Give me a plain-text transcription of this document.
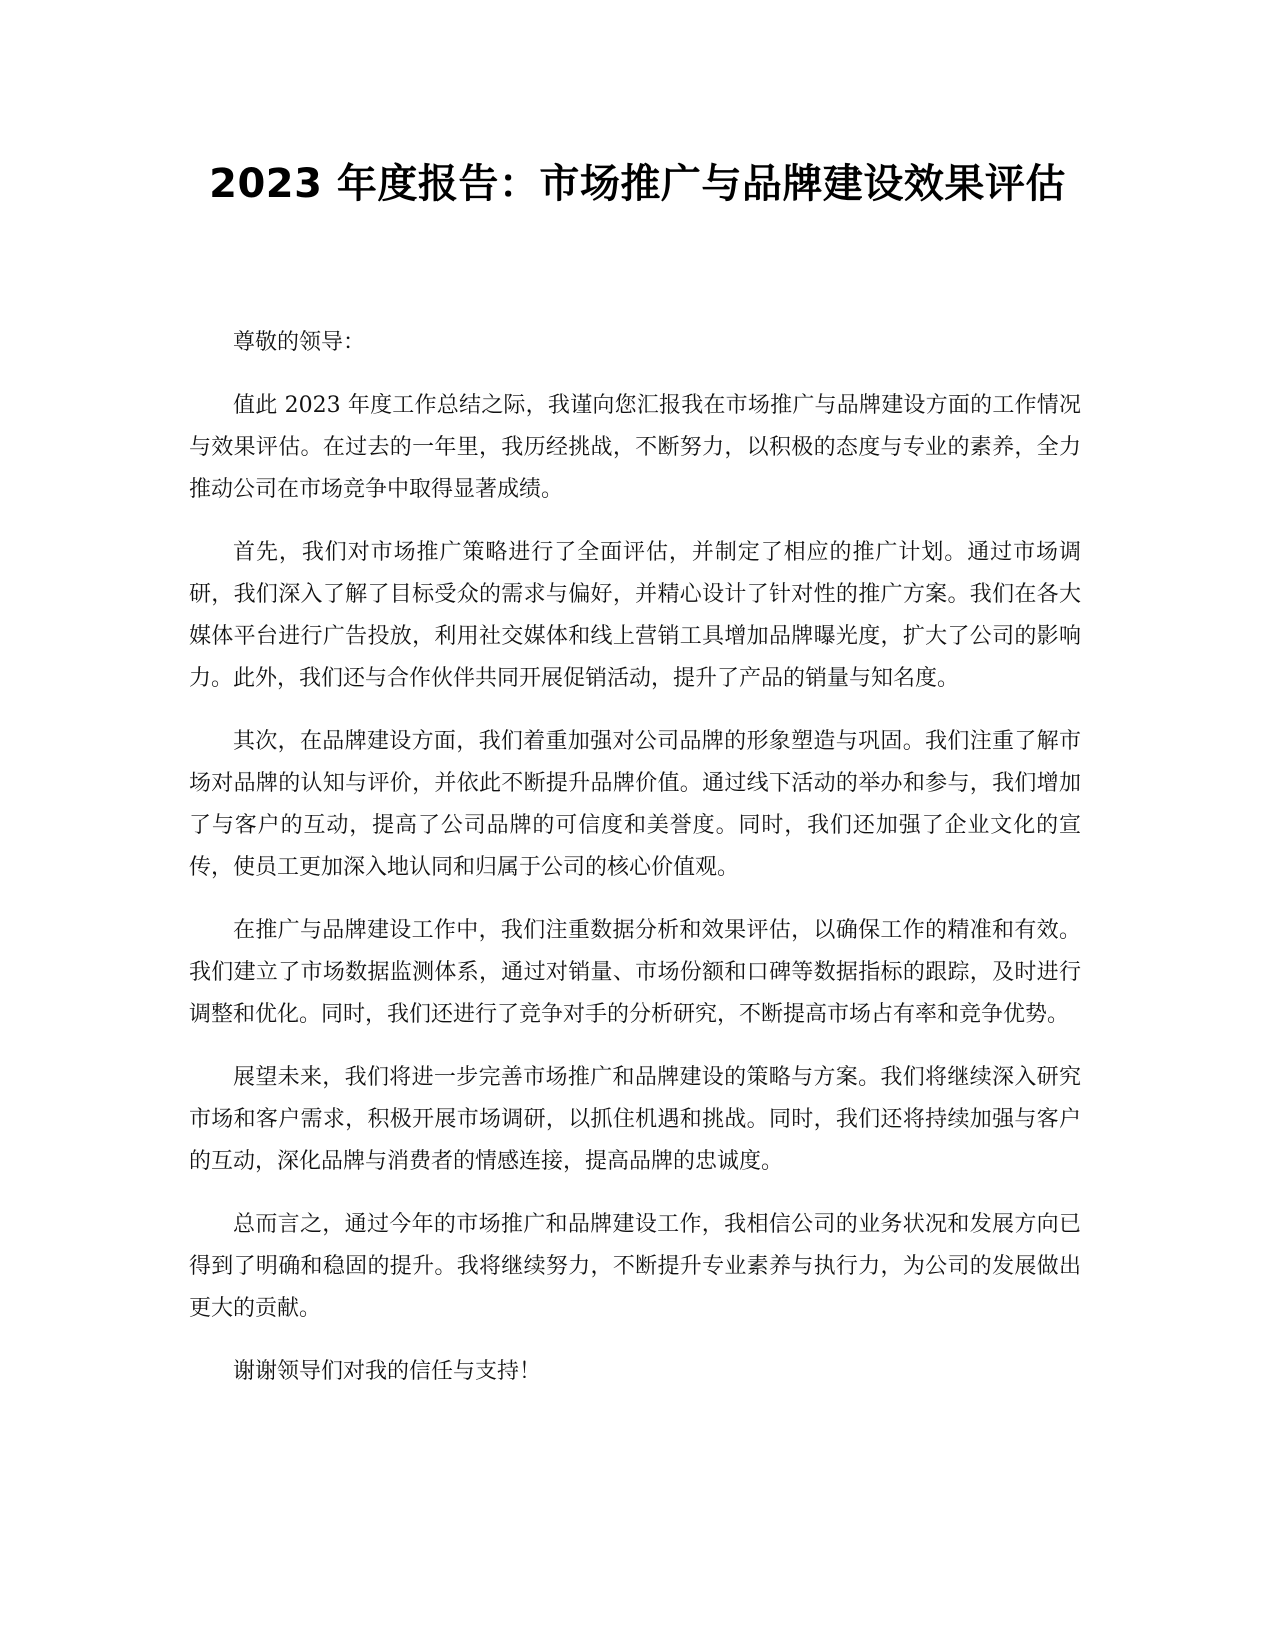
2023 年度报告：市场推广与品牌建设效果评估

尊敬的领导：

值此 2023 年度工作总结之际，我谨向您汇报我在市场推广与品牌建设方面的工作情况与效果评估。在过去的一年里，我历经挑战，不断努力，以积极的态度与专业的素养，全力推动公司在市场竞争中取得显著成绩。

首先，我们对市场推广策略进行了全面评估，并制定了相应的推广计划。通过市场调研，我们深入了解了目标受众的需求与偏好，并精心设计了针对性的推广方案。我们在各大媒体平台进行广告投放，利用社交媒体和线上营销工具增加品牌曝光度，扩大了公司的影响力。此外，我们还与合作伙伴共同开展促销活动，提升了产品的销量与知名度。

其次，在品牌建设方面，我们着重加强对公司品牌的形象塑造与巩固。我们注重了解市场对品牌的认知与评价，并依此不断提升品牌价值。通过线下活动的举办和参与，我们增加了与客户的互动，提高了公司品牌的可信度和美誉度。同时，我们还加强了企业文化的宣传，使员工更加深入地认同和归属于公司的核心价值观。

在推广与品牌建设工作中，我们注重数据分析和效果评估，以确保工作的精准和有效。我们建立了市场数据监测体系，通过对销量、市场份额和口碑等数据指标的跟踪，及时进行调整和优化。同时，我们还进行了竞争对手的分析研究，不断提高市场占有率和竞争优势。

展望未来，我们将进一步完善市场推广和品牌建设的策略与方案。我们将继续深入研究市场和客户需求，积极开展市场调研，以抓住机遇和挑战。同时，我们还将持续加强与客户的互动，深化品牌与消费者的情感连接，提高品牌的忠诚度。

总而言之，通过今年的市场推广和品牌建设工作，我相信公司的业务状况和发展方向已得到了明确和稳固的提升。我将继续努力，不断提升专业素养与执行力，为公司的发展做出更大的贡献。

谢谢领导们对我的信任与支持！
